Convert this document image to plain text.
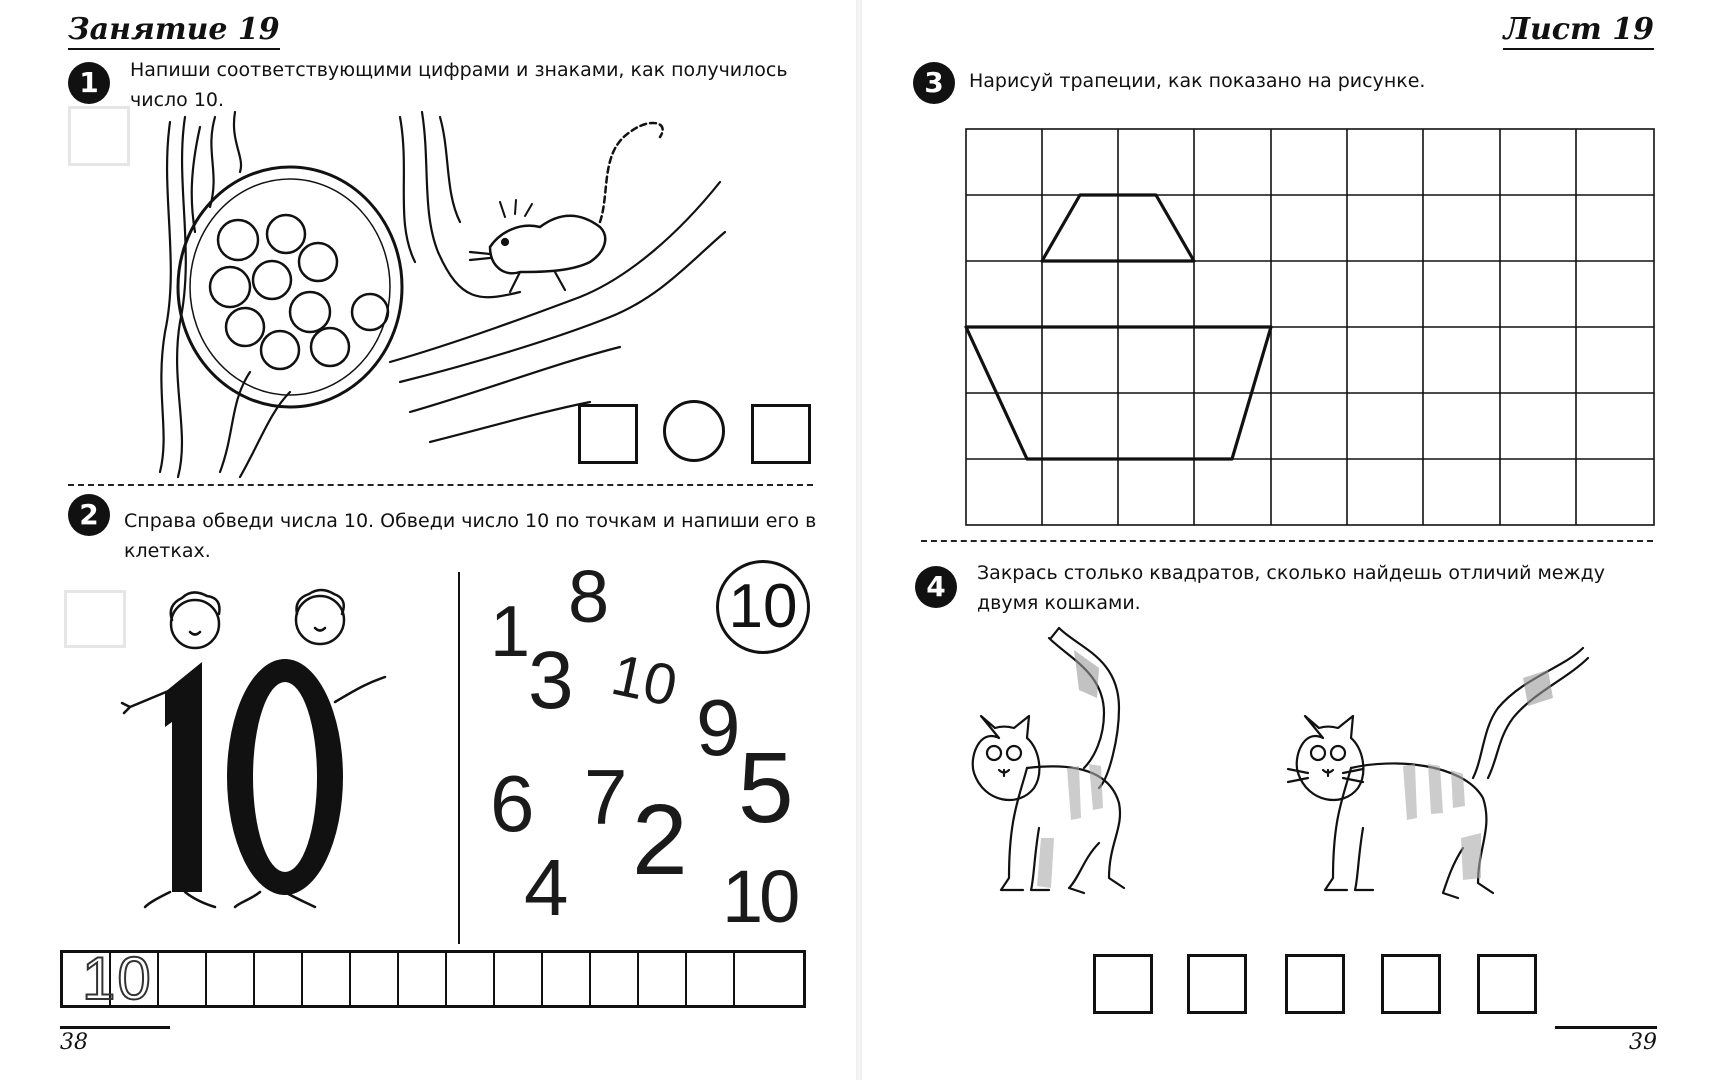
Занятие 19
1	Напиши соответствующими цифрами и знаками, как получилось число 10.
2	Справа обведи числа 10. Обведи число 10 по точкам и напиши его в клетках.
8 10
1
3 10
9
5
6 7 2
4 10
10
38
Лист 19
3	Нарисуй трапеции, как показано на рисунке.
4	Закрась столько квадратов, сколько найдешь отличий между двумя кошками.
39
